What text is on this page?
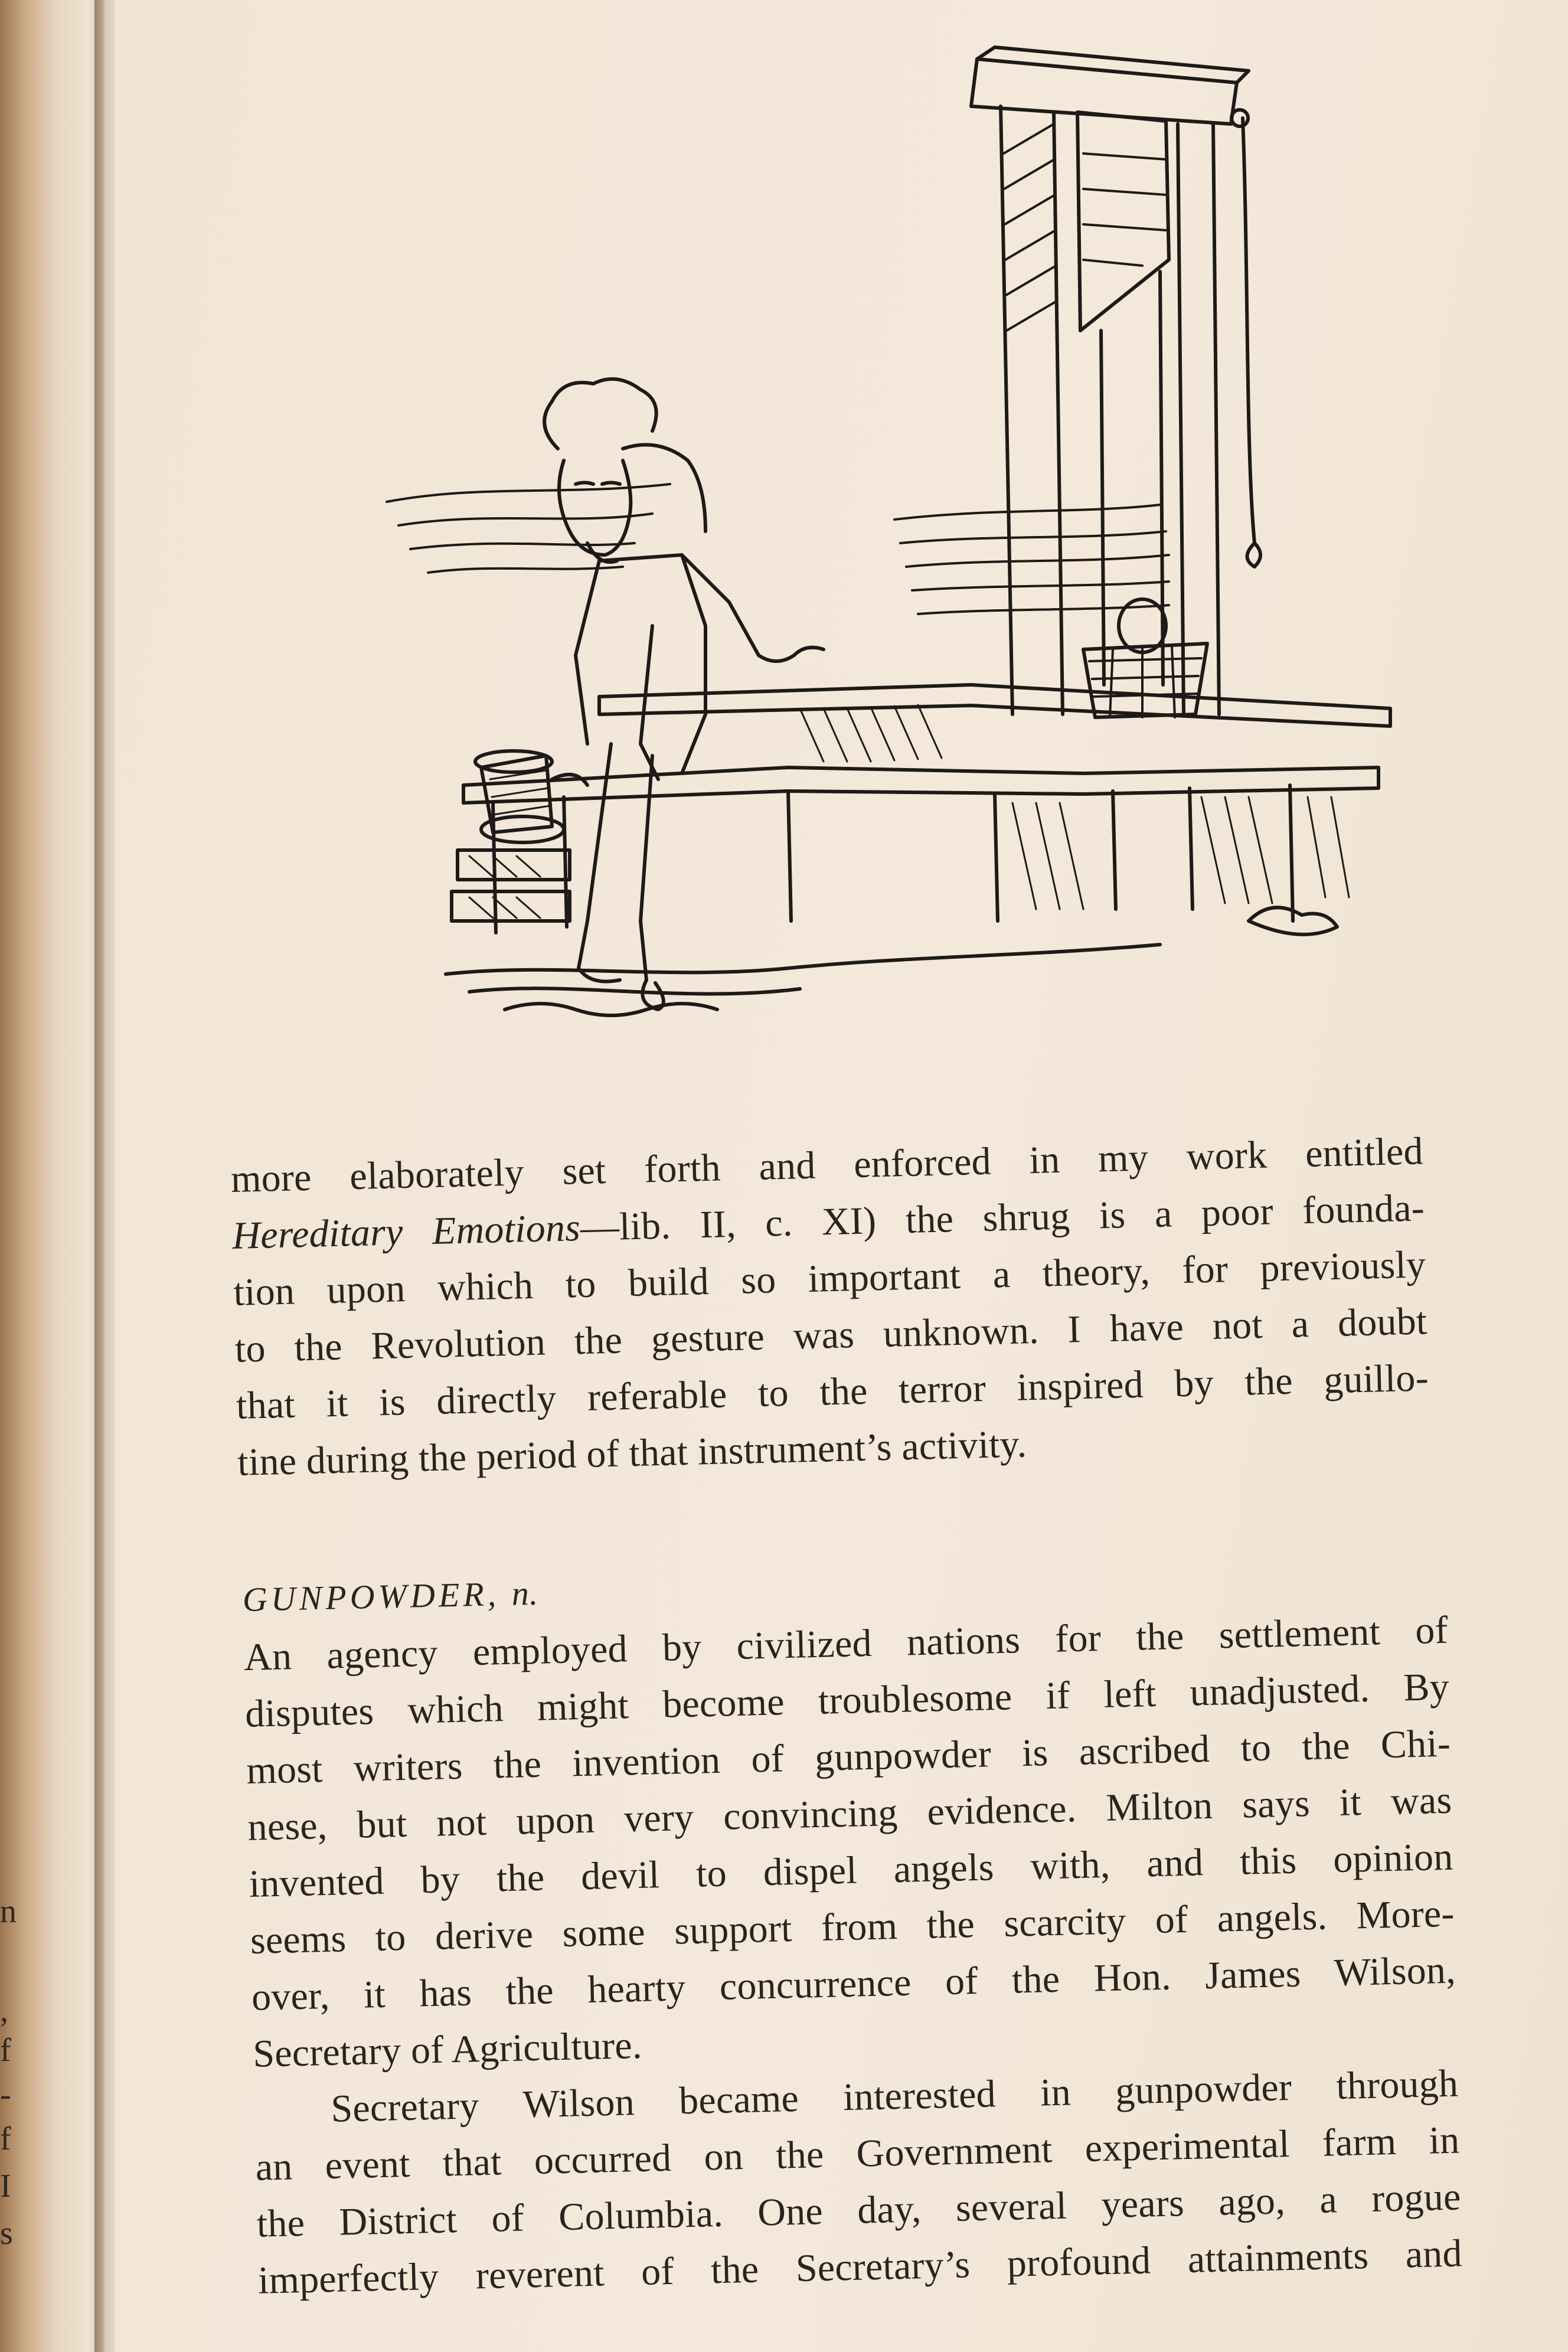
n
,
f
-
f
I
s
more elaborately set forth and enforced in my work entitled
Hereditary Emotions—lib. II, c. XI) the shrug is a poor founda-
tion upon which to build so important a theory, for previously
to the Revolution the gesture was unknown. I have not a doubt
that it is directly referable to the terror inspired by the guillo-
tine during the period of that instrument’s activity.
GUNPOWDER, n.
An agency employed by civilized nations for the settlement of
disputes which might become troublesome if left unadjusted. By
most writers the invention of gunpowder is ascribed to the Chi-
nese, but not upon very convincing evidence. Milton says it was
invented by the devil to dispel angels with, and this opinion
seems to derive some support from the scarcity of angels. More-
over, it has the hearty concurrence of the Hon. James Wilson,
Secretary of Agriculture.
Secretary Wilson became interested in gunpowder through
an event that occurred on the Government experimental farm in
the District of Columbia. One day, several years ago, a rogue
imperfectly reverent of the Secretary’s profound attainments and
